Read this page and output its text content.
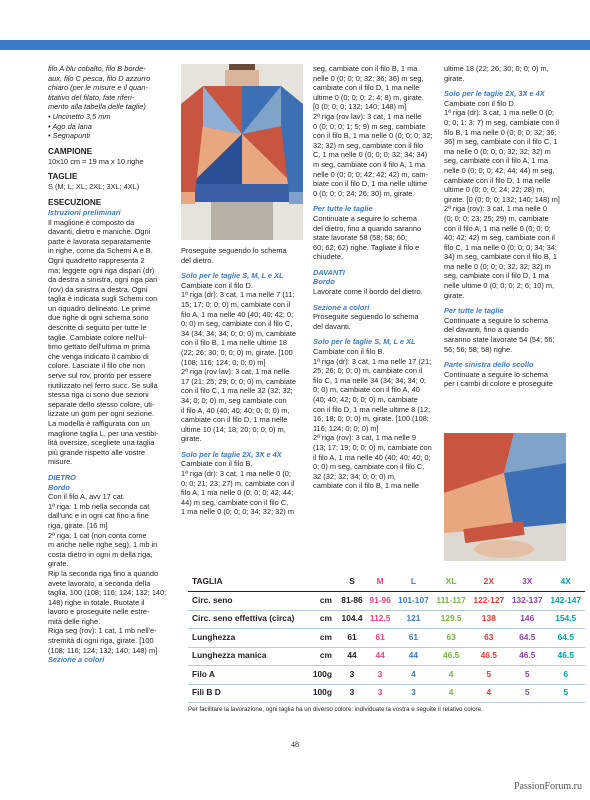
filo A blu cobalto, filo B borde-
aux, filo C pesca, filo D azzurro
chiaro (per le misure e il quan-
titativo del filato, fate riferi-
mento alla tabella delle taglie)
• Uncinetto 3,5 mm
• Ago da lana
• Segnapunti

CAMPIONE

10x10 cm = 19 ma x 10 righe

TAGLIE

S (M; L; XL; 2XL; 3XL; 4XL)

ESECUZIONE

Istruzioni preliminari

Il maglione è composto da
davanti, dietro e maniche. Ogni
parte è lavorata separatamente
in righe, come da Schemi A e B.
Ogni quadretto rappresenta 2
ma; leggete ogni riga dispari (dr)
da destra a sinistra, ogni riga pari
(rov) da sinistra a destra. Ogni
taglia è indicata sugli Schemi con
un riquadro delineato. Le prime
due righe di ogni schema sono
descritte di seguito per tutte le
taglie. Cambiate colore nell'ul-
timo gettato dell'ultima m prima
che venga indicato il cambio di
colore. Lasciate il filo che non
serve sul rov, pronto per essere
riutilizzato nel ferro succ. Se sulla
stessa riga ci sono due sezioni
separate dello stesso colore, uti-
lizzate un gom per ogni sezione.
La modella è raffigurata con un
maglione taglia L, per una vestibi-
lità oversize, scegliete una taglia
più grande rispetto alle vostre
misure.

DIETRO

Bordo

Con il filo A, avv 17 cat.
1ª riga: 1 mb nella seconda cat
dall'unc e in ogni cat fino a fine
riga, girate. [16 m]
2ª riga: 1 cat (non conta come
m anche nelle righe seg), 1 mb in
costa dietro in ogni m della riga,
girate.
Rip la seconda riga fino a quando
avete lavorato, a seconda della
taglia, 100 (108; 116; 124; 132; 140;
148) righe in totale. Ruotate il
lavoro e proseguite nelle estre-
mità delle righe.
Riga seg (rov): 1 cat, 1 mb nell'e-
stremità di ogni riga, girate. [100
(108; 116; 124; 132; 140; 148) m]

Sezione a colori

Proseguite seguendo lo schema
del dietro.

Solo per le taglie S, M, L e XL

Cambiate con il filo D.
1ª riga (dr): 3 cat, 1 ma nelle 7 (11;
15; 17; 0; 0; 0) m, cambiate con il
filo A, 1 ma nelle 40 (40; 40; 42; 0;
0; 0) m seg, cambiate con il filo C,
34 (34; 34; 34; 0; 0; 0) m, cambiate
con il filo B, 1 ma nelle ultime 18
(22; 26; 30; 0; 0; 0) m, girate. [100
(108; 116; 124; 0; 0; 0) m]
2ª riga (rov lav): 3 cat, 1 ma nelle
17 (21; 25; 29; 0; 0; 0) m, cambiate
con il filo C, 1 ma nelle 32 (32; 32;
34; 0; 0; 0) m, seg cambiate con
il filo A, 40 (40; 40; 40; 0; 0; 0) m,
cambiate con il filo D, 1 ma nelle
ultime 10 (14; 18; 20; 0; 0; 0) m,
girate.

Solo per le taglie 2X, 3X e 4X

Cambiate con il filo B.
1ª riga (dr): 3 cat, 1 ma nelle 0 (0;
0; 0; 21; 23; 27) m, cambiate con il
filo A, 1 ma nelle 0 (0; 0; 0; 42; 44;
44) m seg, cambiate con il filo C,
1 ma nelle 0 (0; 0; 0; 34; 32; 32) m
seg, cambiate con il filo B, 1 ma
nelle 0 (0; 0; 0; 32; 36; 36) m seg,
cambiate con il filo D, 1 ma nelle
ultime 0 (0; 0; 0; 2; 4; 8) m, girate.
[0 (0; 0; 0; 132; 140; 148) m]
2ª riga (rov lav): 3 cat, 1 ma nelle
0 (0; 0; 0; 1; 5; 9) m seg, cambiate
con il filo B, 1 ma nelle 0 (0; 0; 0; 32;
32; 32) m seg, cambiate con il filo
C, 1 ma nelle 0 (0; 0; 0; 32; 34; 34)
m seg, cambiate con il filo A, 1 ma
nelle 0 (0; 0; 0; 42; 42; 42) m, cam-
biate con il filo D, 1 ma nelle ultime
0 (0; 0; 0; 24; 26; 30) m, girate.

Per tutte le taglie

Continuate a seguire lo schema
del dietro, fino a quando saranno
state lavorate 58 (58; 58; 60;
60; 62; 62) righe. Tagliate il filo e
chiudete.

DAVANTI

Bordo

Lavorate come il bordo del dietro.

Sezione a colori

Proseguite seguendo lo schema
del davanti.

Solo per le taglie S, M, L e XL

Cambiate con il filo B.
1ª riga (dr): 3 cat, 1 ma nelle 17 (21;
25; 26; 0; 0; 0) m, cambiate con il
filo C, 1 ma nelle 34 (34; 34; 34; 0;
0; 0) m, cambiate con il filo A, 40
(40; 40; 42; 0; 0; 0) m, cambiate
con il filo D, 1 ma nelle ultime 8 (12;
16; 18; 0; 0; 0) m, girate. [100 (108;
116; 124; 0; 0; 0) m]
2ª riga (rov): 3 cat, 1 ma nelle 9
(13; 17; 19; 0; 0; 0) m, cambiate con
il filo A, 1 ma nelle 40 (40; 40; 40; 0;
0; 0) m seg, cambiate con il filo C,
32 (32; 32; 34; 0; 0; 0) m,
cambiate con il filo B, 1 ma nelle
ultime 18 (22; 26; 30; 0; 0; 0) m,
girate.

Solo per le taglie 2X, 3X e 4X

Cambiate con il filo D.
1ª riga (dr): 3 cat, 1 ma nelle 0 (0;
0; 0; 1; 3; 7) m seg, cambiate con il
filo B, 1 ma nelle 0 (0; 0; 0; 32; 36;
36) m seg, cambiate con il filo C, 1
ma nelle 0 (0; 0; 0; 32; 32; 32) m
seg, cambiate con il filo A, 1 ma
nelle 0 (0; 0; 0; 42; 44; 44) m seg,
cambiate con il filo D, 1 ma nelle
ultime 0 (0; 0; 0; 24; 22; 28) m,
girate. [0 (0; 0; 0; 132; 140; 148) m]
2ª riga (rov): 3 cat, 1 ma nelle 0
(0; 0; 0; 23; 25; 29) m, cambiate
con il filo A, 1 ma nelle 0 (0; 0; 0;
40; 42; 42) m seg, cambiate con il
filo C, 1 ma nelle 0 (0; 0; 0; 34; 34;
34) m seg, cambiate con il filo B, 1
ma nelle 0 (0; 0; 0; 32; 32; 32) m
seg, cambiate con il filo D, 1 ma
nelle ultime 0 (0; 0; 0; 2; 6; 10) m,
girate.

Per tutte le taglie

Continuate a seguire lo schema
del davanti, fino a quando
saranno state lavorate 54 (54; 56;
56; 56; 58; 58) righe.

Parte sinistra dello scollo

Continuate a seguire lo schema
per i cambi di colore e proseguite
TAGLIA		S	M	L	XL	2X	3X	4X
Circ. seno	cm	81-86	91-96	101-107	111-117	122-127	132-137	142-147
Circ. seno effettiva (circa)	cm	104.4	112.5	121	129.5	138	146	154.5
Lunghezza	cm	61	61	61	63	63	64.5	64.5
Lunghezza manica	cm	44	44	44	46.5	46.5	46.5	46.5
Filo A	100g	3	3	4	4	5	5	6
Fili B D	100g	3	3	3	4	4	5	5

Per facilitare la lavorazione, ogni taglia ha un diverso colore: individuate la vostra e seguite il relativo colore.

48
PassionForum.ru
